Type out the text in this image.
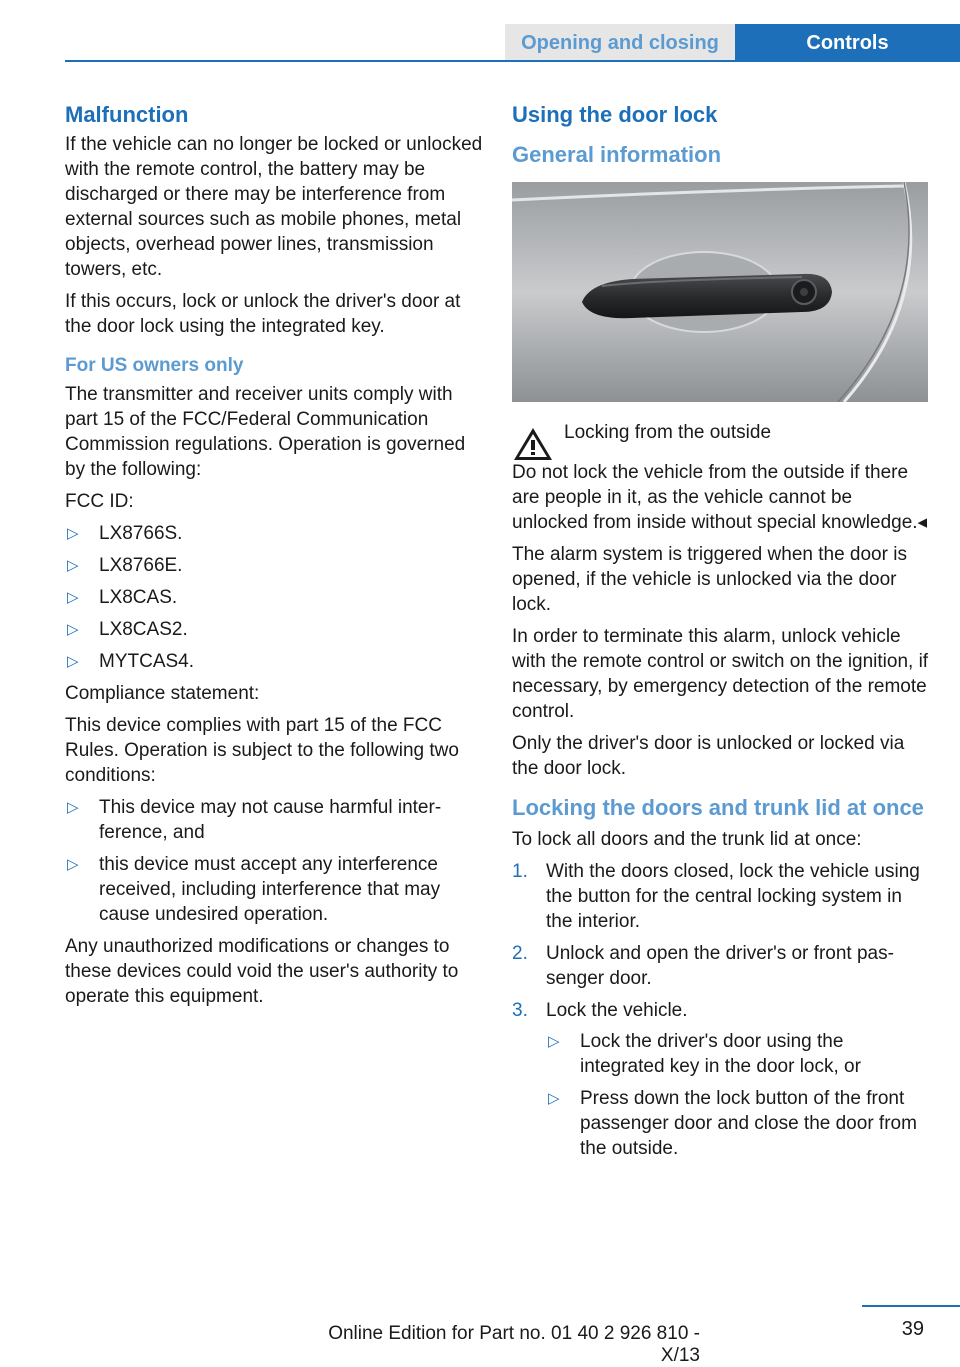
Opening and closing	Controls
Malfunction

If the vehicle can no longer be locked or unlocked with the remote control, the battery may be discharged or there may be interference from external sources such as mobile phones, metal objects, overhead power lines, transmission towers, etc.

If this occurs, lock or unlock the driver's door at the door lock using the integrated key.

For US owners only

The transmitter and receiver units comply with part 15 of the FCC/Federal Communication Commission regulations. Operation is governed by the following:

FCC ID:

▷ LX8766S.
▷ LX8766E.
▷ LX8CAS.
▷ LX8CAS2.
▷ MYTCAS4.

Compliance statement:

This device complies with part 15 of the FCC Rules. Operation is subject to the following two conditions:

▷ This device may not cause harmful interference, and
▷ this device must accept any interference received, including interference that may cause undesired operation.

Any unauthorized modifications or changes to these devices could void the user's authority to operate this equipment.

Using the door lock
General information

Locking from the outside

Do not lock the vehicle from the outside if there are people in it, as the vehicle cannot be unlocked from inside without special knowledge.◂

The alarm system is triggered when the door is opened, if the vehicle is unlocked via the door lock.

In order to terminate this alarm, unlock vehicle with the remote control or switch on the ignition, if necessary, by emergency detection of the remote control.

Only the driver's door is unlocked or locked via the door lock.

Locking the doors and trunk lid at once

To lock all doors and the trunk lid at once:

1. With the doors closed, lock the vehicle using the button for the central locking system in the interior.
2. Unlock and open the driver's or front passenger door.
3. Lock the vehicle.
▷ Lock the driver's door using the integrated key in the door lock, or
▷ Press down the lock button of the front passenger door and close the door from the outside.
39
Online Edition for Part no. 01 40 2 926 810 - X/13
